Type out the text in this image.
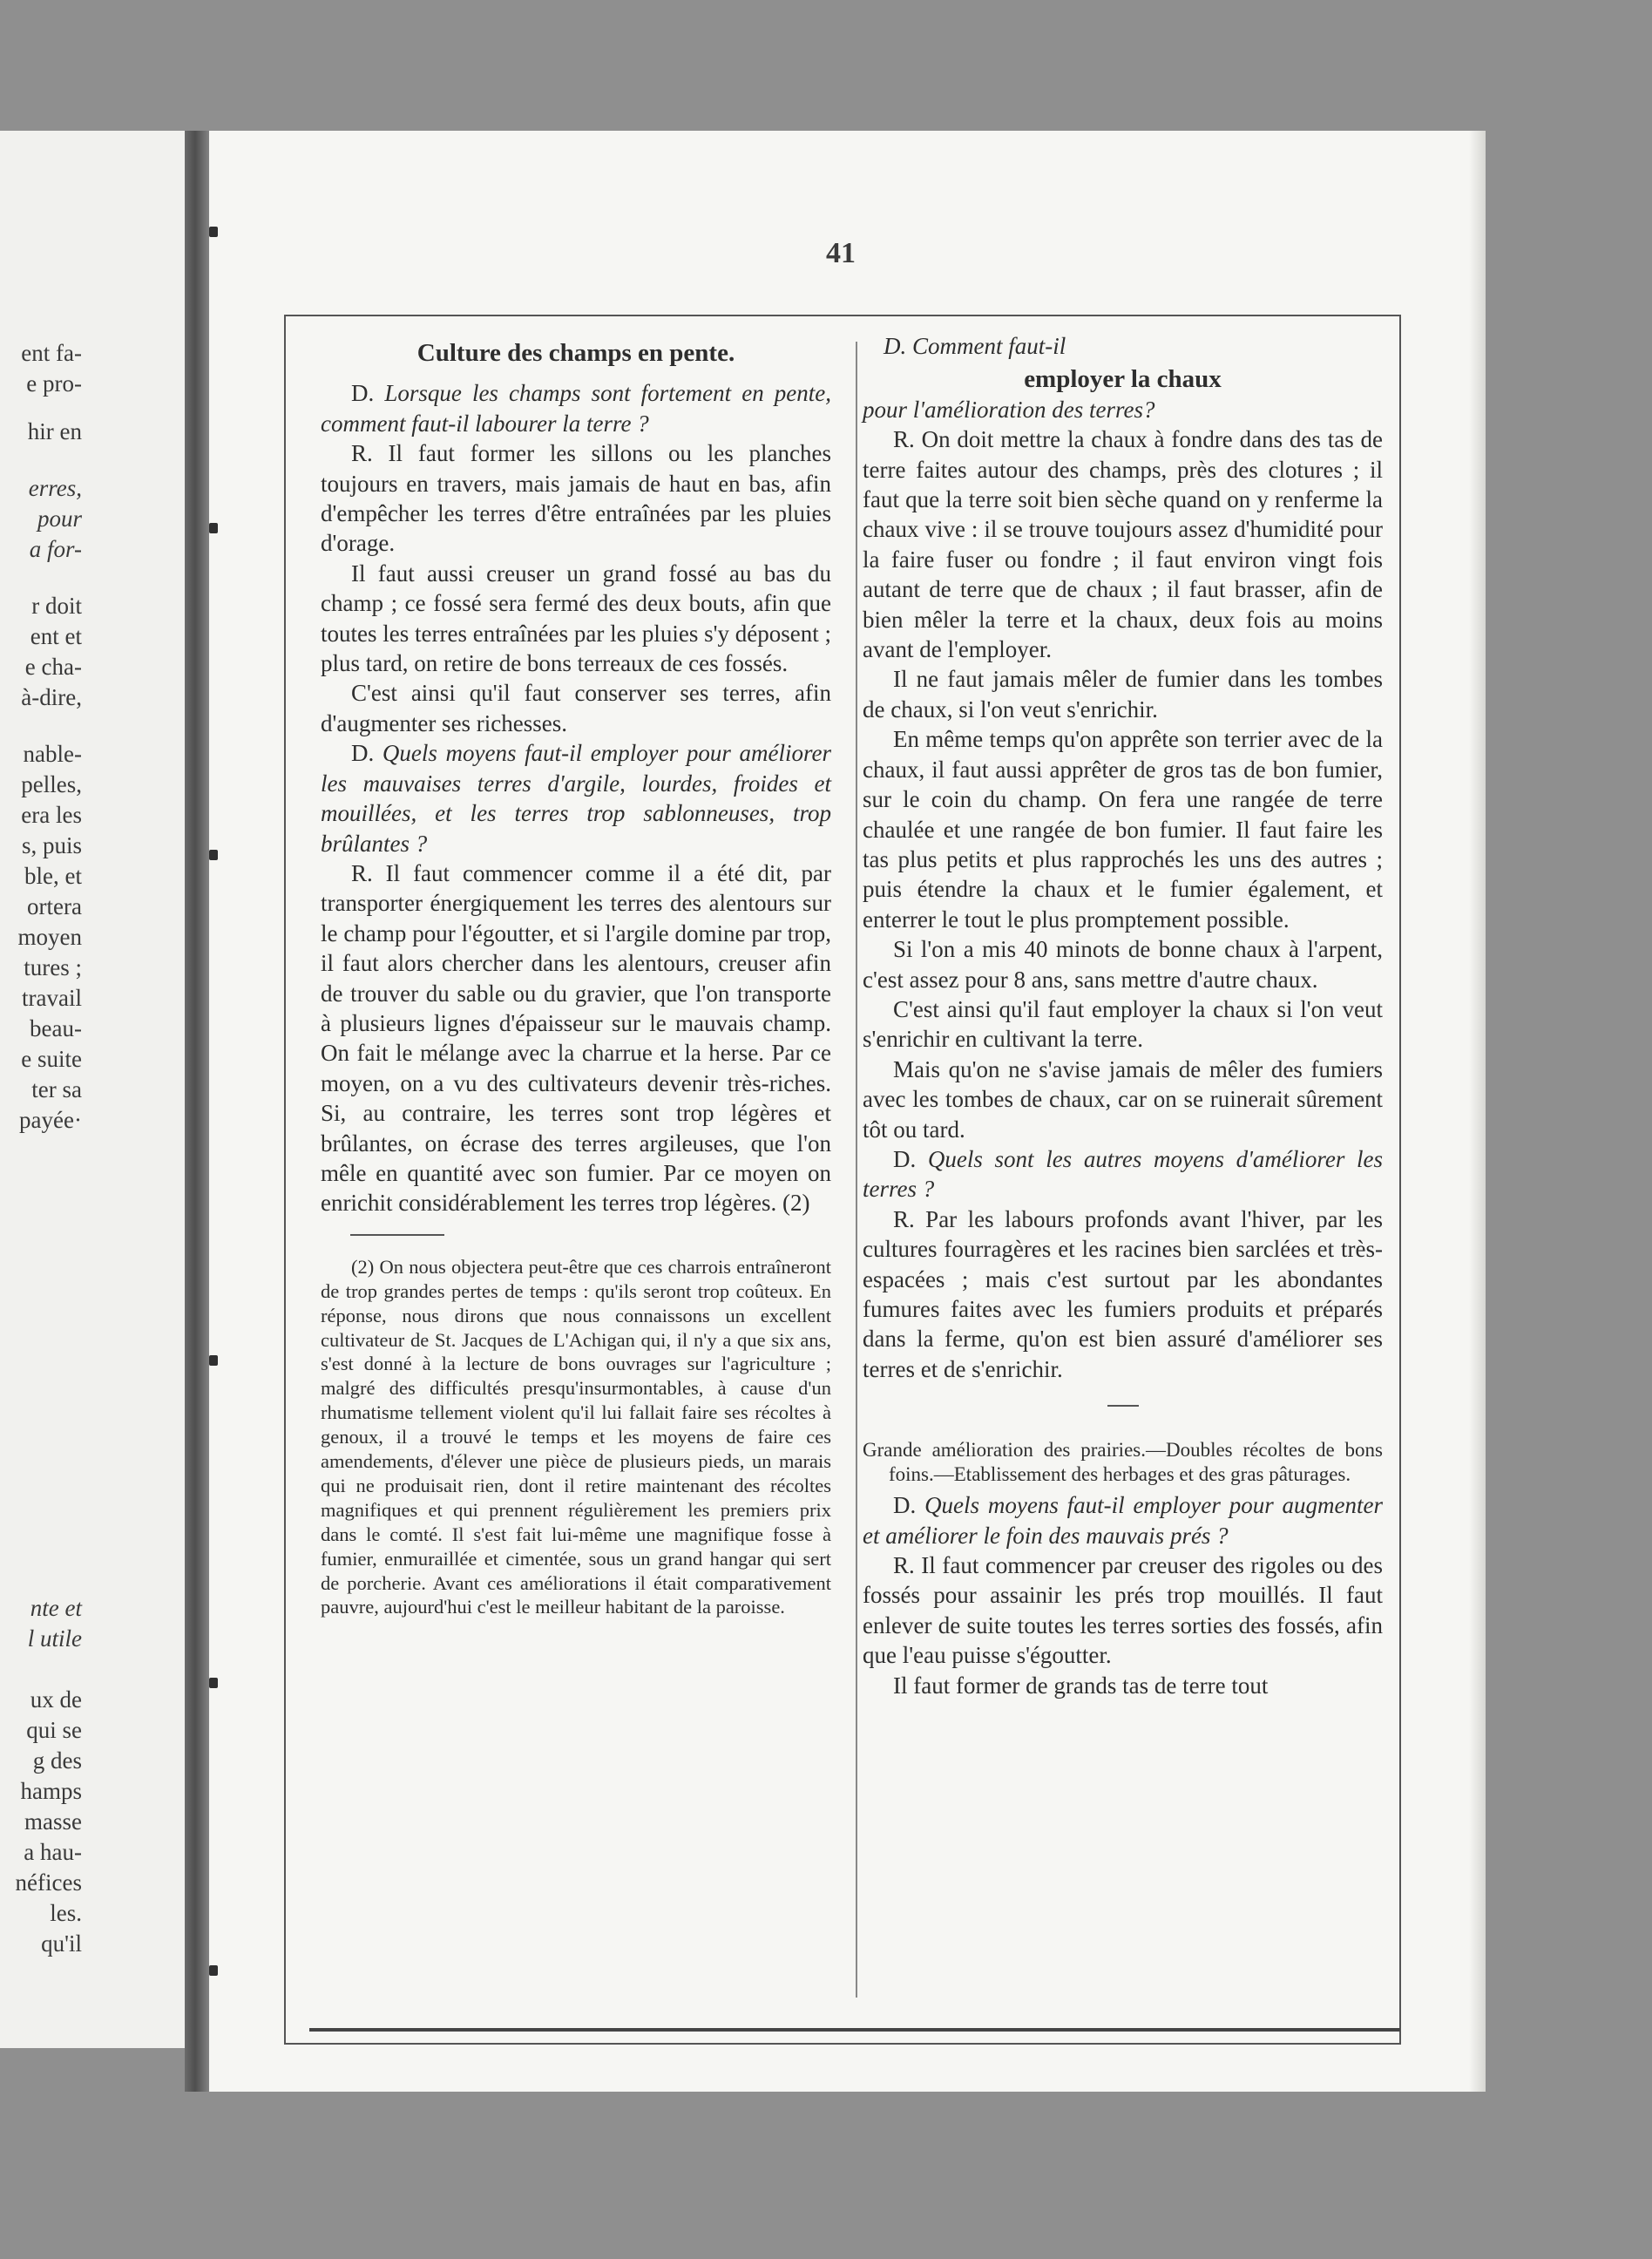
ent fa-
e pro-
hir en
erres,
pour
a for-
r doit
ent et
e cha-
à-dire,
nable-
pelles,
era les
s, puis
ble, et
ortera
moyen
tures ;
travail
beau-
e suite
ter sa
payée·
nte et
l utile
ux de
qui se
g des
hamps
masse
a hau-
néfices
les.
qu'il
41
Culture des champs en pente.

D. Lorsque les champs sont fortement en pente, comment faut-il labourer la terre ?

R. Il faut former les sillons ou les planches toujours en travers, mais jamais de haut en bas, afin d'empêcher les terres d'être entraînées par les pluies d'orage.

Il faut aussi creuser un grand fossé au bas du champ ; ce fossé sera fermé des deux bouts, afin que toutes les terres entraînées par les pluies s'y déposent ; plus tard, on retire de bons terreaux de ces fossés.

C'est ainsi qu'il faut conserver ses terres, afin d'augmenter ses richesses.

D. Quels moyens faut-il employer pour améliorer les mauvaises terres d'argile, lourdes, froides et mouillées, et les terres trop sablonneuses, trop brûlantes ?

R. Il faut commencer comme il a été dit, par transporter énergiquement les terres des alentours sur le champ pour l'égoutter, et si l'argile domine par trop, il faut alors chercher dans les alentours, creuser afin de trouver du sable ou du gravier, que l'on transporte à plusieurs lignes d'épaisseur sur le mauvais champ. On fait le mélange avec la charrue et la herse. Par ce moyen, on a vu des cultivateurs devenir très-riches. Si, au contraire, les terres sont trop légères et brûlantes, on écrase des terres argileuses, que l'on mêle en quantité avec son fumier. Par ce moyen on enrichit considérablement les terres trop légères. (2)

(2) On nous objectera peut-être que ces charrois entraîneront de trop grandes pertes de temps : qu'ils seront trop coûteux. En réponse, nous dirons que nous connaissons un excellent cultivateur de St. Jacques de L'Achigan qui, il n'y a que six ans, s'est donné à la lecture de bons ouvrages sur l'agriculture ; malgré des difficultés presqu'insurmontables, à cause d'un rhumatisme tellement violent qu'il lui fallait faire ses récoltes à genoux, il a trouvé le temps et les moyens de faire ces amendements, d'élever une pièce de plusieurs pieds, un marais qui ne produisait rien, dont il retire maintenant des récoltes magnifiques et qui prennent régulièrement les premiers prix dans le comté. Il s'est fait lui-même une magnifique fosse à fumier, enmuraillée et cimentée, sous un grand hangar qui sert de porcherie. Avant ces améliorations il était comparativement pauvre, aujourd'hui c'est le meilleur habitant de la paroisse.

D. Comment faut-il

employer la chaux

pour l'amélioration des terres?

R. On doit mettre la chaux à fondre dans des tas de terre faites autour des champs, près des clotures ; il faut que la terre soit bien sèche quand on y renferme la chaux vive : il se trouve toujours assez d'humidité pour la faire fuser ou fondre ; il faut environ vingt fois autant de terre que de chaux ; il faut brasser, afin de bien mêler la terre et la chaux, deux fois au moins avant de l'employer.

Il ne faut jamais mêler de fumier dans les tombes de chaux, si l'on veut s'enrichir.

En même temps qu'on apprête son terrier avec de la chaux, il faut aussi apprêter de gros tas de bon fumier, sur le coin du champ. On fera une rangée de terre chaulée et une rangée de bon fumier. Il faut faire les tas plus petits et plus rapprochés les uns des autres ; puis étendre la chaux et le fumier également, et enterrer le tout le plus promptement possible.

Si l'on a mis 40 minots de bonne chaux à l'arpent, c'est assez pour 8 ans, sans mettre d'autre chaux.

C'est ainsi qu'il faut employer la chaux si l'on veut s'enrichir en cultivant la terre.

Mais qu'on ne s'avise jamais de mêler des fumiers avec les tombes de chaux, car on se ruinerait sûrement tôt ou tard.

D. Quels sont les autres moyens d'améliorer les terres ?

R. Par les labours profonds avant l'hiver, par les cultures fourragères et les racines bien sarclées et très-espacées ; mais c'est surtout par les abondantes fumures faites avec les fumiers produits et préparés dans la ferme, qu'on est bien assuré d'améliorer ses terres et de s'enrichir.

Grande amélioration des prairies.—Doubles récoltes de bons foins.—Etablissement des herbages et des gras pâturages.

D. Quels moyens faut-il employer pour augmenter et améliorer le foin des mauvais prés ?

R. Il faut commencer par creuser des rigoles ou des fossés pour assainir les prés trop mouillés. Il faut enlever de suite toutes les terres sorties des fossés, afin que l'eau puisse s'égoutter.

Il faut former de grands tas de terre tout
